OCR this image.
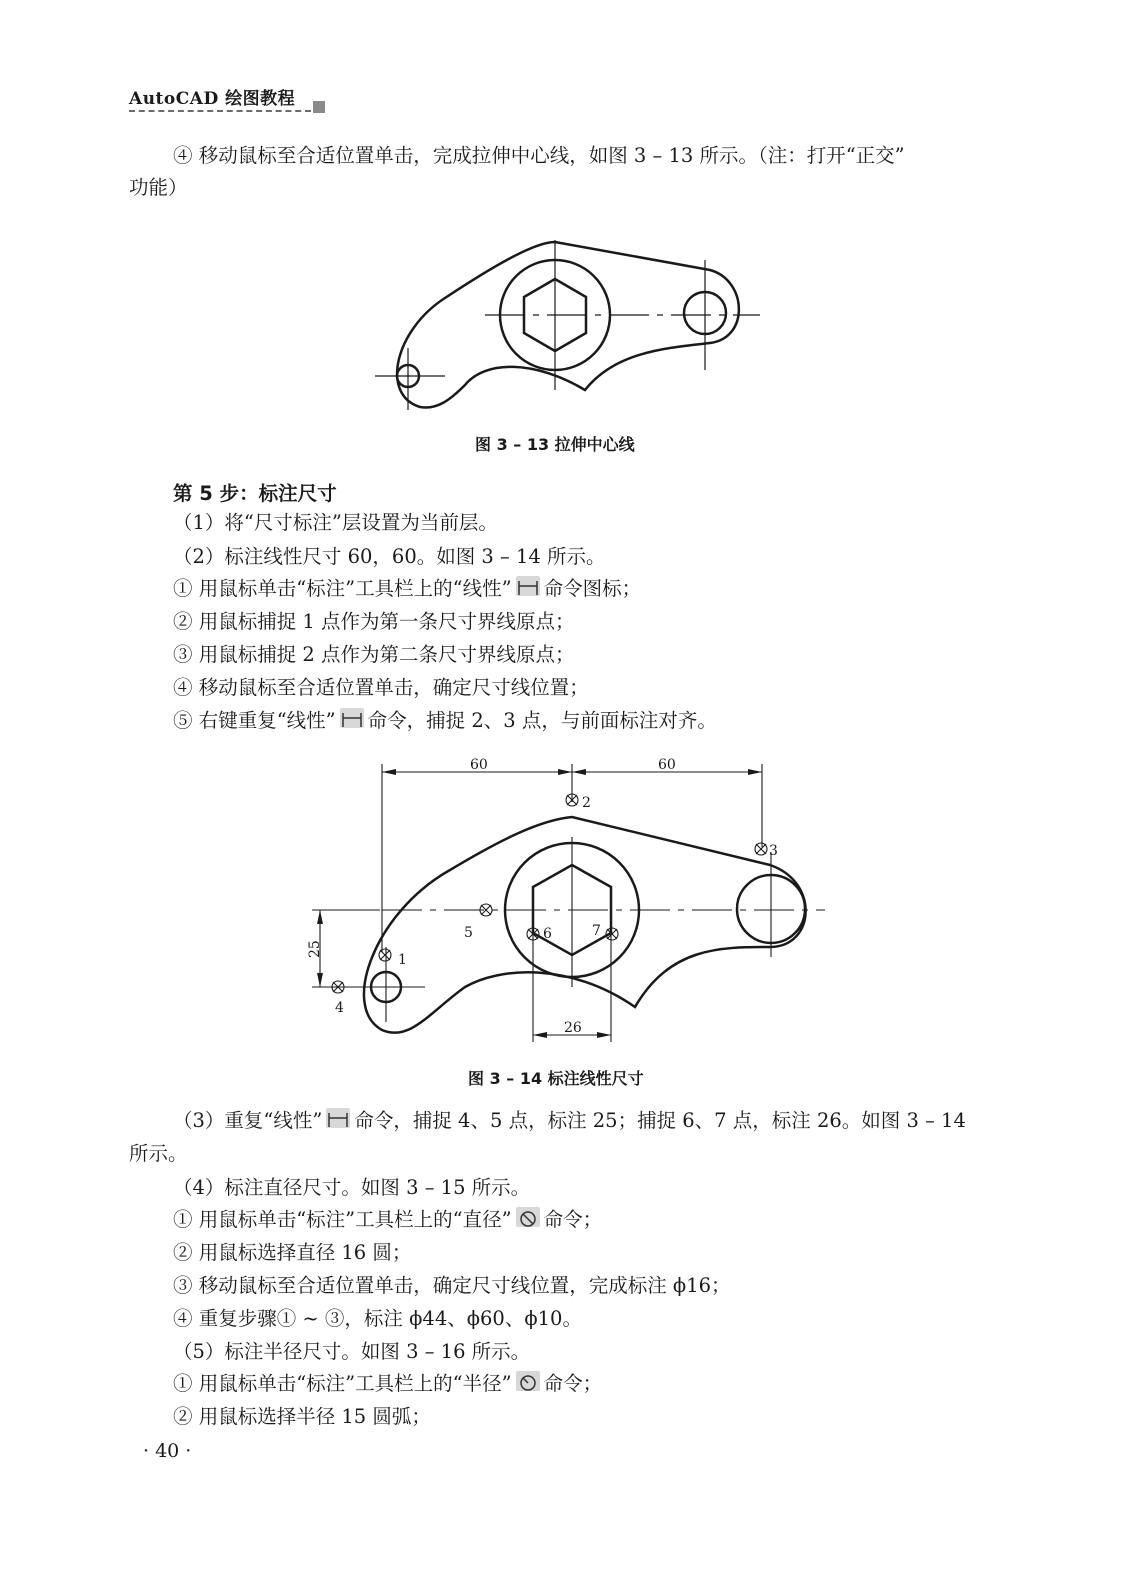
AutoCAD 绘图教程
④ 移动鼠标至合适位置单击，完成拉伸中心线，如图 3 – 13 所示。（注：打开“正交”
功能）
图 3 – 13 拉伸中心线
第 5 步：标注尺寸
（1）将“尺寸标注”层设置为当前层。
（2）标注线性尺寸 60，60。如图 3 – 14 所示。
① 用鼠标单击“标注”工具栏上的“线性” 命令图标；
② 用鼠标捕捉 1 点作为第一条尺寸界线原点；
③ 用鼠标捕捉 2 点作为第二条尺寸界线原点；
④ 移动鼠标至合适位置单击，确定尺寸线位置；
⑤ 右键重复“线性” 命令，捕捉 2、3 点，与前面标注对齐。
60	60
25
26
1
2
3
4
5	6	7
图 3 – 14 标注线性尺寸
（3）重复“线性” 命令，捕捉 4、5 点，标注 25；捕捉 6、7 点，标注 26。如图 3 – 14
所示。
（4）标注直径尺寸。如图 3 – 15 所示。
① 用鼠标单击“标注”工具栏上的“直径” 命令；
② 用鼠标选择直径 16 圆；
③ 移动鼠标至合适位置单击，确定尺寸线位置，完成标注 ϕ16；
④ 重复步骤① ~ ③，标注 ϕ44、ϕ60、ϕ10。
（5）标注半径尺寸。如图 3 – 16 所示。
① 用鼠标单击“标注”工具栏上的“半径” 命令；
② 用鼠标选择半径 15 圆弧；
· 40 ·
